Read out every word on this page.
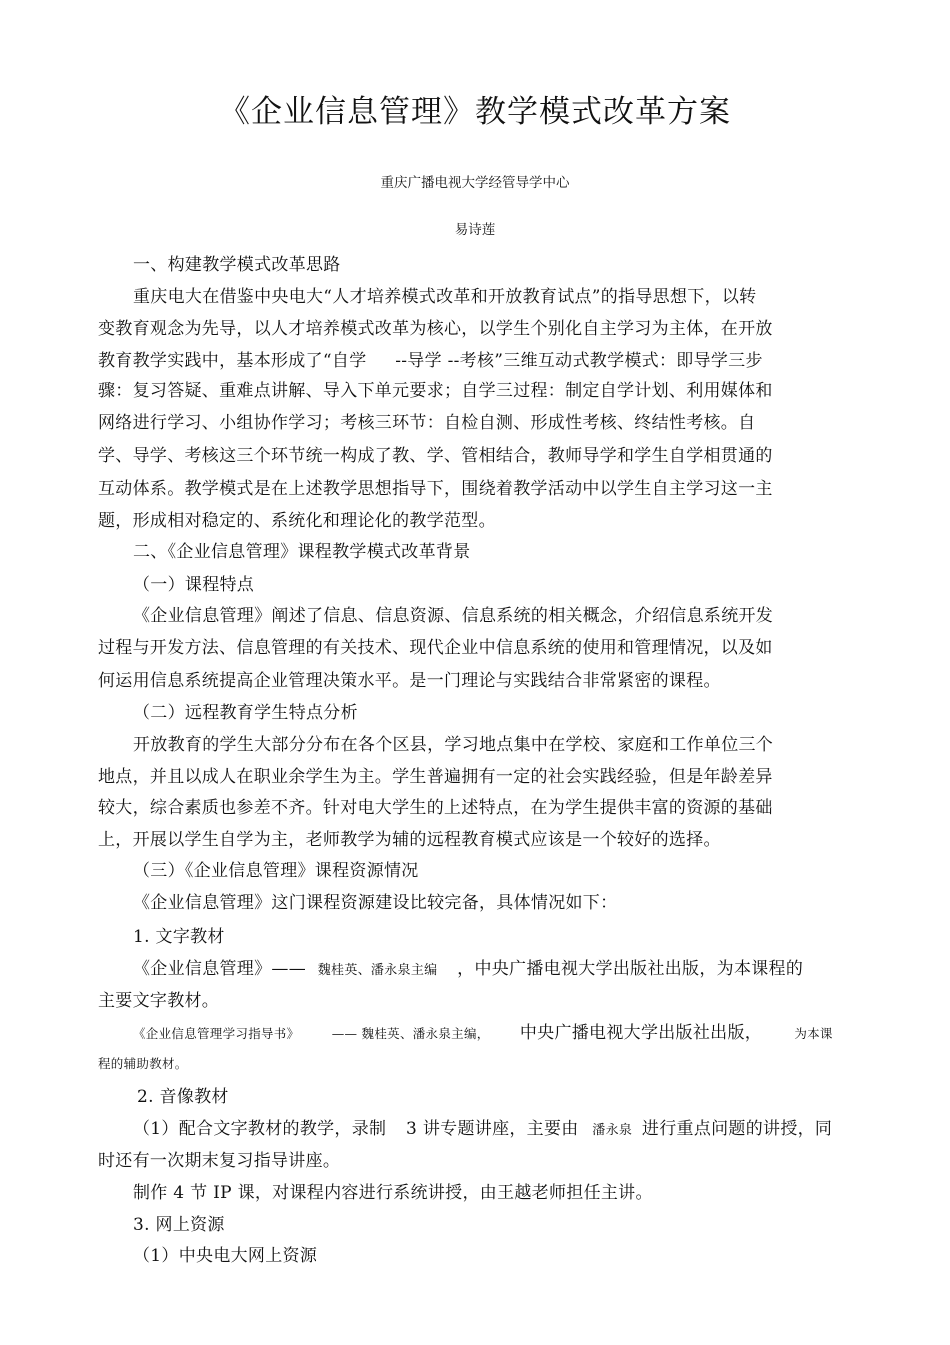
《企业信息管理》教学模式改革方案
重庆广播电视大学经管导学中心
易诗莲
一、构建教学模式改革思路
重庆电大在借鉴中央电大“人才培养模式改革和开放教育试点”的指导思想下，以转
变教育观念为先导，以人才培养模式改革为核心，以学生个别化自主学习为主体，在开放
教育教学实践中，基本形成了“自学 　 --导学 --考核”三维互动式教学模式：即导学三步
骤：复习答疑、重难点讲解、导入下单元要求；自学三过程：制定自学计划、利用媒体和
网络进行学习、小组协作学习；考核三环节：自检自测、形成性考核、终结性考核。自
学、导学、考核这三个环节统一构成了教、学、管相结合，教师导学和学生自学相贯通的
互动体系。教学模式是在上述教学思想指导下，围绕着教学活动中以学生自主学习这一主
题，形成相对稳定的、系统化和理论化的教学范型。
二、《企业信息管理》课程教学模式改革背景
（一）课程特点
《企业信息管理》阐述了信息、信息资源、信息系统的相关概念，介绍信息系统开发
过程与开发方法、信息管理的有关技术、现代企业中信息系统的使用和管理情况，以及如
何运用信息系统提高企业管理决策水平。是一门理论与实践结合非常紧密的课程。
（二）远程教育学生特点分析
开放教育的学生大部分分布在各个区县，学习地点集中在学校、家庭和工作单位三个
地点，并且以成人在职业余学生为主。学生普遍拥有一定的社会实践经验，但是年龄差异
较大，综合素质也参差不齐。针对电大学生的上述特点，在为学生提供丰富的资源的基础
上，开展以学生自学为主，老师教学为辅的远程教育模式应该是一个较好的选择。
（三）《企业信息管理》课程资源情况
《企业信息管理》这门课程资源建设比较完备，具体情况如下：
1. 文字教材
《企业信息管理》—— 魏桂英、潘永泉主编 ，中央广播电视大学出版社出版，为本课程的
主要文字教材。
《企业信息管理学习指导书》	—— 魏桂英、潘永泉主编， 中央广播电视大学出版社出版，	为本课
程的辅助教材。
2. 音像教材
（1）配合文字教材的教学，录制 3 讲专题讲座，主要由 潘永泉 进行重点问题的讲授，同
时还有一次期末复习指导讲座。
制作 4 节 IP 课，对课程内容进行系统讲授，由王越老师担任主讲。
3. 网上资源
（1）中央电大网上资源
